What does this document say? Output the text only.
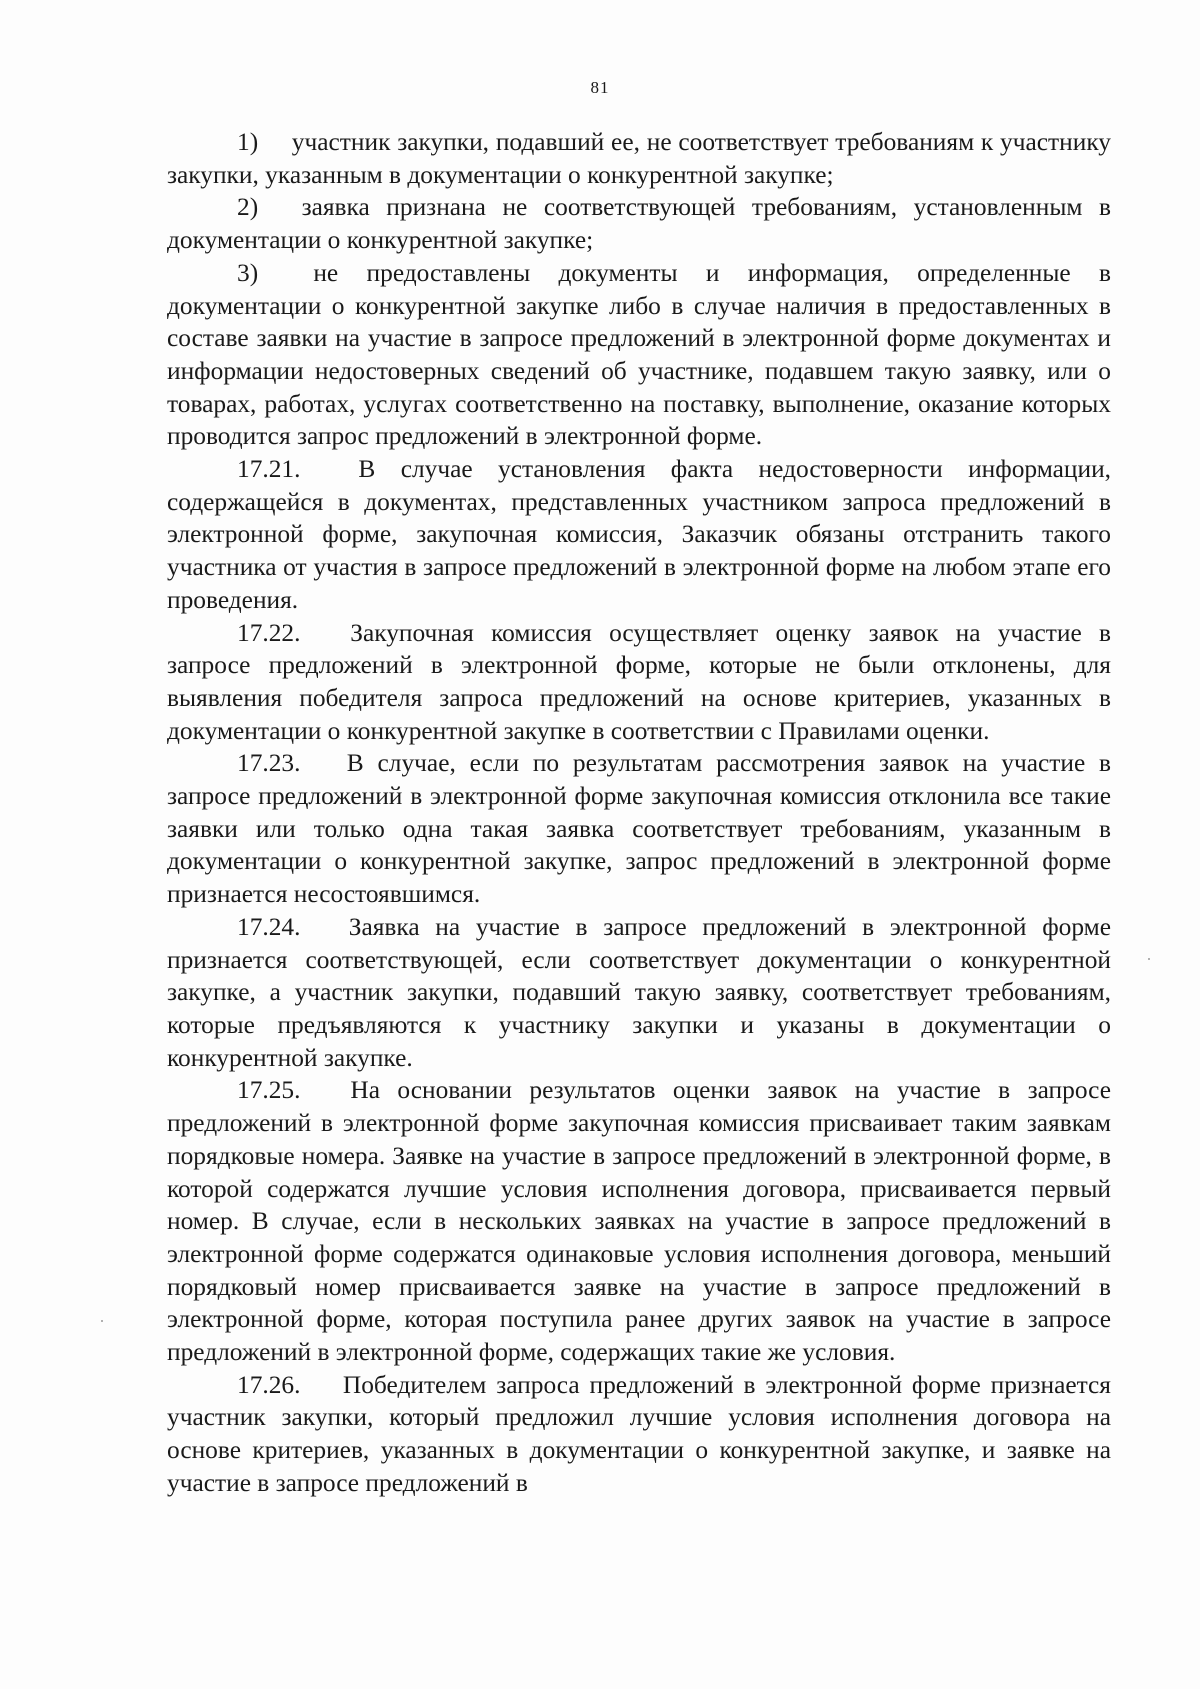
81

1) участник закупки, подавший ее, не соответствует требованиям к участнику закупки, указанным в документации о конкурентной закупке;

2) заявка признана не соответствующей требованиям, установленным в документации о конкурентной закупке;

3) не предоставлены документы и информация, определенные в документации о конкурентной закупке либо в случае наличия в предоставленных в составе заявки на участие в запросе предложений в электронной форме документах и информации недостоверных сведений об участнике, подавшем такую заявку, или о товарах, работах, услугах соответственно на поставку, выполнение, оказание которых проводится запрос предложений в электронной форме.

17.21. В случае установления факта недостоверности информации, содержащейся в документах, представленных участником запроса предложений в электронной форме, закупочная комиссия, Заказчик обязаны отстранить такого участника от участия в запросе предложений в электронной форме на любом этапе его проведения.

17.22. Закупочная комиссия осуществляет оценку заявок на участие в запросе предложений в электронной форме, которые не были отклонены, для выявления победителя запроса предложений на основе критериев, указанных в документации о конкурентной закупке в соответствии с Правилами оценки.

17.23. В случае, если по результатам рассмотрения заявок на участие в запросе предложений в электронной форме закупочная комиссия отклонила все такие заявки или только одна такая заявка соответствует требованиям, указанным в документации о конкурентной закупке, запрос предложений в электронной форме признается несостоявшимся.

17.24. Заявка на участие в запросе предложений в электронной форме признается соответствующей, если соответствует документации о конкурентной закупке, а участник закупки, подавший такую заявку, соответствует требованиям, которые предъявляются к участнику закупки и указаны в документации о конкурентной закупке.

17.25. На основании результатов оценки заявок на участие в запросе предложений в электронной форме закупочная комиссия присваивает таким заявкам порядковые номера. Заявке на участие в запросе предложений в электронной форме, в которой содержатся лучшие условия исполнения договора, присваивается первый номер. В случае, если в нескольких заявках на участие в запросе предложений в электронной форме содержатся одинаковые условия исполнения договора, меньший порядковый номер присваивается заявке на участие в запросе предложений в электронной форме, которая поступила ранее других заявок на участие в запросе предложений в электронной форме, содержащих такие же условия.

17.26. Победителем запроса предложений в электронной форме признается участник закупки, который предложил лучшие условия исполнения договора на основе критериев, указанных в документации о конкурентной закупке, и заявке на участие в запросе предложений в
